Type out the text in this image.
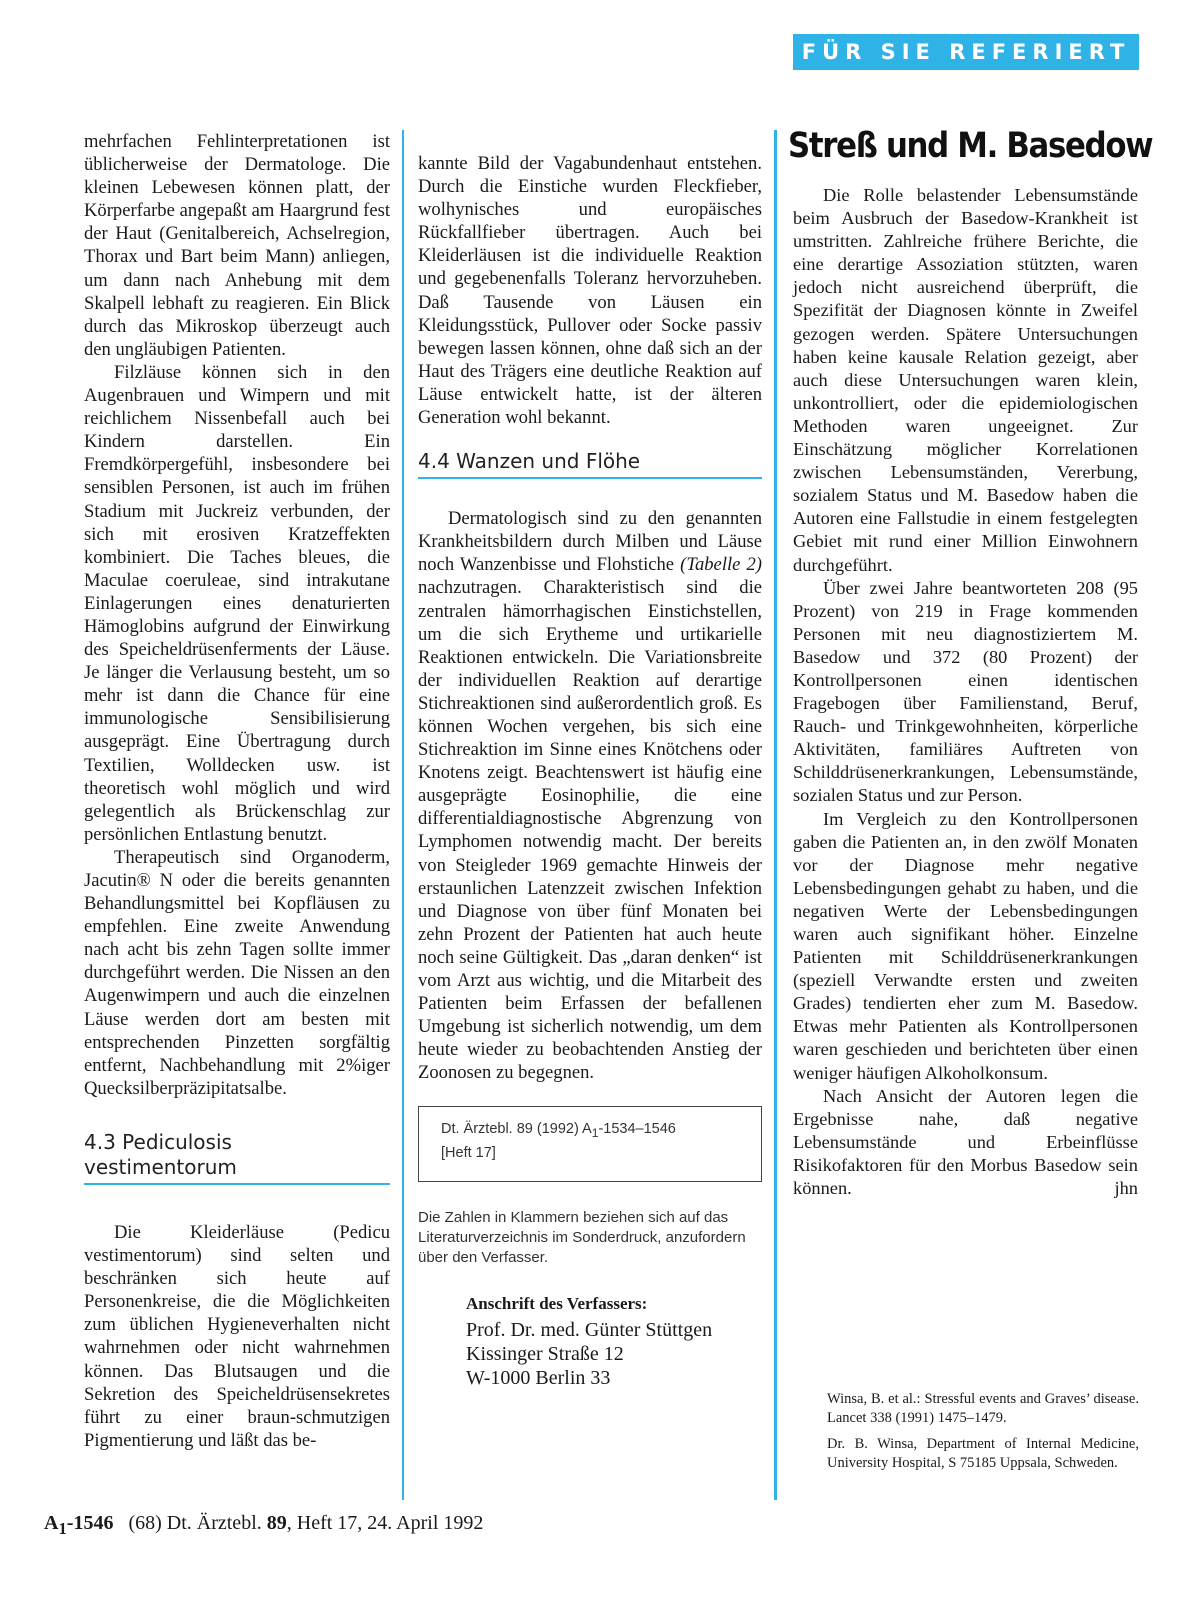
FÜR SIE REFERIERT

mehrfachen Fehlinterpretationen ist üblicherweise der Dermatologe. Die kleinen Lebewesen können platt, der Körperfarbe angepaßt am Haargrund fest der Haut (Genitalbereich, Achselregion, Thorax und Bart beim Mann) anliegen, um dann nach Anhebung mit dem Skalpell lebhaft zu reagieren. Ein Blick durch das Mikroskop überzeugt auch den ungläubigen Patienten.

Filzläuse können sich in den Augenbrauen und Wimpern und mit reichlichem Nissenbefall auch bei Kindern darstellen. Ein Fremdkörpergefühl, insbesondere bei sensiblen Personen, ist auch im frühen Stadium mit Juckreiz verbunden, der sich mit erosiven Kratzeffekten kombiniert. Die Taches bleues, die Maculae coeruleae, sind intrakutane Einlagerungen eines denaturierten Hämoglobins aufgrund der Einwirkung des Speicheldrüsenferments der Läuse. Je länger die Verlausung besteht, um so mehr ist dann die Chance für eine immunologische Sensibilisierung ausgeprägt. Eine Übertragung durch Textilien, Wolldecken usw. ist theoretisch wohl möglich und wird gelegentlich als Brückenschlag zur persönlichen Entlastung benutzt.

Therapeutisch sind Organoderm, Jacutin® N oder die bereits genannten Behandlungsmittel bei Kopfläusen zu empfehlen. Eine zweite Anwendung nach acht bis zehn Tagen sollte immer durchgeführt werden. Die Nissen an den Augenwimpern und auch die einzelnen Läuse werden dort am besten mit entsprechenden Pinzetten sorgfältig entfernt, Nachbehandlung mit 2%iger Quecksilberpräzipitatsalbe.

4.3 Pediculosis vestimentorum

Die Kleiderläuse (Pedicu vestimentorum) sind selten und beschränken sich heute auf Personenkreise, die die Möglichkeiten zum üblichen Hygieneverhalten nicht wahrnehmen oder nicht wahrnehmen können. Das Blutsaugen und die Sekretion des Speicheldrüsensekretes führt zu einer braun-schmutzigen Pigmentierung und läßt das be-

kannte Bild der Vagabundenhaut entstehen. Durch die Einstiche wurden Fleckfieber, wolhynisches und europäisches Rückfallfieber übertragen. Auch bei Kleiderläusen ist die individuelle Reaktion und gegebenenfalls Toleranz hervorzuheben. Daß Tausende von Läusen ein Kleidungsstück, Pullover oder Socke passiv bewegen lassen können, ohne daß sich an der Haut des Trägers eine deutliche Reaktion auf Läuse entwickelt hatte, ist der älteren Generation wohl bekannt.

4.4 Wanzen und Flöhe

Dermatologisch sind zu den genannten Krankheitsbildern durch Milben und Läuse noch Wanzenbisse und Flohstiche (Tabelle 2) nachzutragen. Charakteristisch sind die zentralen hämorrhagischen Einstichstellen, um die sich Erytheme und urtikarielle Reaktionen entwickeln. Die Variationsbreite der individuellen Reaktion auf derartige Stichreaktionen sind außerordentlich groß. Es können Wochen vergehen, bis sich eine Stichreaktion im Sinne eines Knötchens oder Knotens zeigt. Beachtenswert ist häufig eine ausgeprägte Eosinophilie, die eine differentialdiagnostische Abgrenzung von Lymphomen notwendig macht. Der bereits von Steigleder 1969 gemachte Hinweis der erstaunlichen Latenzzeit zwischen Infektion und Diagnose von über fünf Monaten bei zehn Prozent der Patienten hat auch heute noch seine Gültigkeit. Das „daran denken“ ist vom Arzt aus wichtig, und die Mitarbeit des Patienten beim Erfassen der befallenen Umgebung ist sicherlich notwendig, um dem heute wieder zu beobachtenden Anstieg der Zoonosen zu begegnen.

Dt. Ärztebl. 89 (1992) $A_1-1534-1546$
[Heft 17]
Die Zahlen in Klammern beziehen sich auf das Literaturverzeichnis im Sonderdruck, anzufordern über den Verfasser.
Anschrift des Verfassers:
Prof. Dr. med. Günter Stüttgen
Kissinger Straße 12
W-1000 Berlin 33
Streß und M. Basedow

Die Rolle belastender Lebensumstände beim Ausbruch der Basedow-Krankheit ist umstritten. Zahlreiche frühere Berichte, die eine derartige Assoziation stützten, waren jedoch nicht ausreichend überprüft, die Spezifität der Diagnosen könnte in Zweifel gezogen werden. Spätere Untersuchungen haben keine kausale Relation gezeigt, aber auch diese Untersuchungen waren klein, unkontrolliert, oder die epidemiologischen Methoden waren ungeeignet. Zur Einschätzung möglicher Korrelationen zwischen Lebensumständen, Vererbung, sozialem Status und M. Basedow haben die Autoren eine Fallstudie in einem festgelegten Gebiet mit rund einer Million Einwohnern durchgeführt.

Über zwei Jahre beantworteten 208 (95 Prozent) von 219 in Frage kommenden Personen mit neu diagnostiziertem M. Basedow und 372 (80 Prozent) der Kontrollpersonen einen identischen Fragebogen über Familienstand, Beruf, Rauch- und Trinkgewohnheiten, körperliche Aktivitäten, familiäres Auftreten von Schilddrüsenerkrankungen, Lebensumstände, sozialen Status und zur Person.

Im Vergleich zu den Kontrollpersonen gaben die Patienten an, in den zwölf Monaten vor der Diagnose mehr negative Lebensbedingungen gehabt zu haben, und die negativen Werte der Lebensbedingungen waren auch signifikant höher. Einzelne Patienten mit Schilddrüsenerkrankungen (speziell Verwandte ersten und zweiten Grades) tendierten eher zum M. Basedow. Etwas mehr Patienten als Kontrollpersonen waren geschieden und berichteten über einen weniger häufigen Alkoholkonsum.

Nach Ansicht der Autoren legen die Ergebnisse nahe, daß negative Lebensumstände und Erbeinflüsse Risikofaktoren für den Morbus Basedow sein können.	jhn

Winsa, B. et al.: Stressful events and Graves’ disease. Lancet 338 (1991) 1475–1479.

Dr. B. Winsa, Department of Internal Medicine, University Hospital, S 75185 Uppsala, Schweden.

$A_1-1546$ (68) Dt. Ärztebl. 89, Heft 17, 24. April 1992
